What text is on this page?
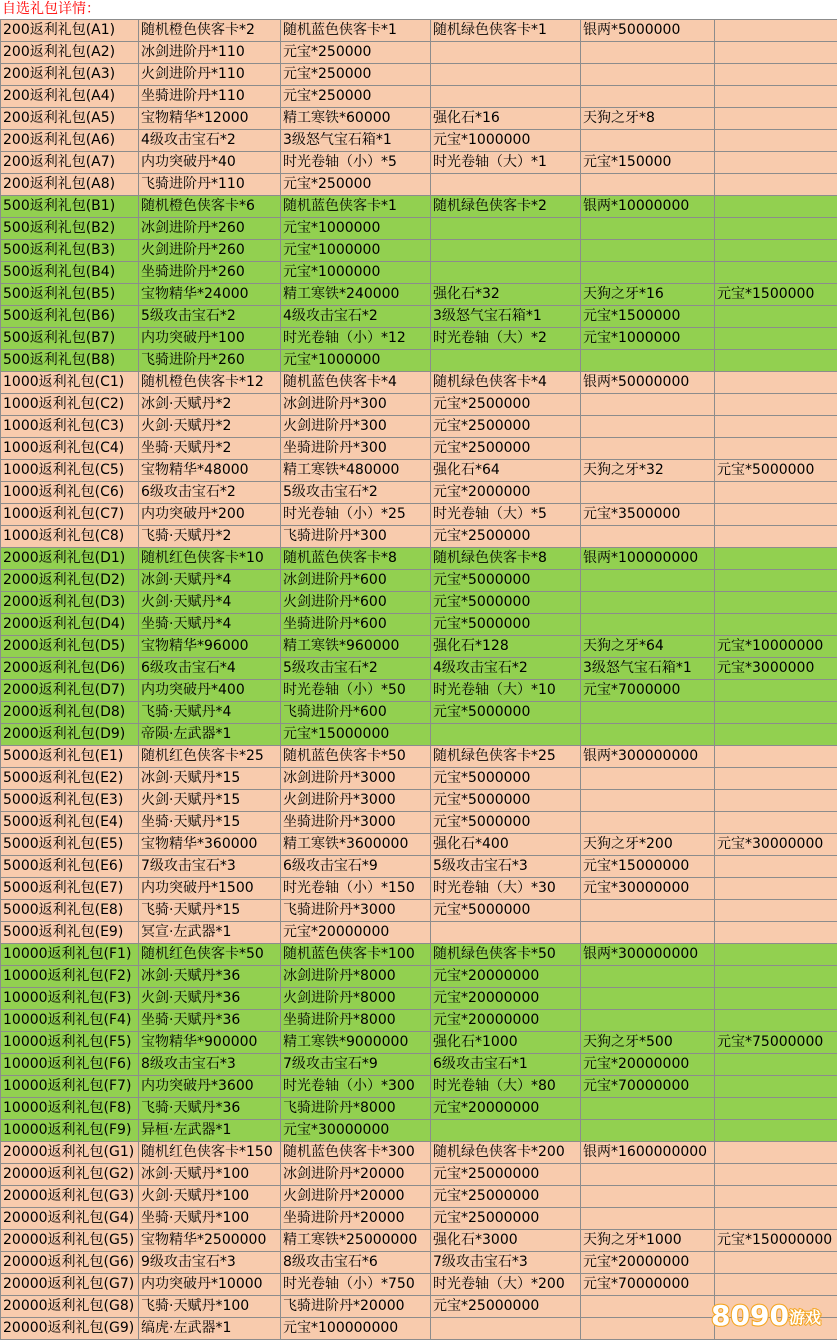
自选礼包详情：
200返利礼包(A1)	随机橙色侠客卡*2	随机蓝色侠客卡*1	随机绿色侠客卡*1	银两*5000000	
200返利礼包(A2)	冰剑进阶丹*110	元宝*250000			
200返利礼包(A3)	火剑进阶丹*110	元宝*250000			
200返利礼包(A4)	坐骑进阶丹*110	元宝*250000			
200返利礼包(A5)	宝物精华*12000	精工寒铁*60000	强化石*16	天狗之牙*8	
200返利礼包(A6)	4级攻击宝石*2	3级怒气宝石箱*1	元宝*1000000		
200返利礼包(A7)	内功突破丹*40	时光卷轴（小）*5	时光卷轴（大）*1	元宝*150000	
200返利礼包(A8)	飞骑进阶丹*110	元宝*250000			
500返利礼包(B1)	随机橙色侠客卡*6	随机蓝色侠客卡*1	随机绿色侠客卡*2	银两*10000000	
500返利礼包(B2)	冰剑进阶丹*260	元宝*1000000			
500返利礼包(B3)	火剑进阶丹*260	元宝*1000000			
500返利礼包(B4)	坐骑进阶丹*260	元宝*1000000			
500返利礼包(B5)	宝物精华*24000	精工寒铁*240000	强化石*32	天狗之牙*16	元宝*1500000
500返利礼包(B6)	5级攻击宝石*2	4级攻击宝石*2	3级怒气宝石箱*1	元宝*1500000	
500返利礼包(B7)	内功突破丹*100	时光卷轴（小）*12	时光卷轴（大）*2	元宝*1000000	
500返利礼包(B8)	飞骑进阶丹*260	元宝*1000000			
1000返利礼包(C1)	随机橙色侠客卡*12	随机蓝色侠客卡*4	随机绿色侠客卡*4	银两*50000000	
1000返利礼包(C2)	冰剑·天赋丹*2	冰剑进阶丹*300	元宝*2500000		
1000返利礼包(C3)	火剑·天赋丹*2	火剑进阶丹*300	元宝*2500000		
1000返利礼包(C4)	坐骑·天赋丹*2	坐骑进阶丹*300	元宝*2500000		
1000返利礼包(C5)	宝物精华*48000	精工寒铁*480000	强化石*64	天狗之牙*32	元宝*5000000
1000返利礼包(C6)	6级攻击宝石*2	5级攻击宝石*2	元宝*2000000		
1000返利礼包(C7)	内功突破丹*200	时光卷轴（小）*25	时光卷轴（大）*5	元宝*3500000	
1000返利礼包(C8)	飞骑·天赋丹*2	飞骑进阶丹*300	元宝*2500000		
2000返利礼包(D1)	随机红色侠客卡*10	随机蓝色侠客卡*8	随机绿色侠客卡*8	银两*100000000	
2000返利礼包(D2)	冰剑·天赋丹*4	冰剑进阶丹*600	元宝*5000000		
2000返利礼包(D3)	火剑·天赋丹*4	火剑进阶丹*600	元宝*5000000		
2000返利礼包(D4)	坐骑·天赋丹*4	坐骑进阶丹*600	元宝*5000000		
2000返利礼包(D5)	宝物精华*96000	精工寒铁*960000	强化石*128	天狗之牙*64	元宝*10000000
2000返利礼包(D6)	6级攻击宝石*4	5级攻击宝石*2	4级攻击宝石*2	3级怒气宝石箱*1	元宝*3000000
2000返利礼包(D7)	内功突破丹*400	时光卷轴（小）*50	时光卷轴（大）*10	元宝*7000000	
2000返利礼包(D8)	飞骑·天赋丹*4	飞骑进阶丹*600	元宝*5000000		
2000返利礼包(D9)	帝陨·左武器*1	元宝*15000000			
5000返利礼包(E1)	随机红色侠客卡*25	随机蓝色侠客卡*50	随机绿色侠客卡*25	银两*300000000	
5000返利礼包(E2)	冰剑·天赋丹*15	冰剑进阶丹*3000	元宝*5000000		
5000返利礼包(E3)	火剑·天赋丹*15	火剑进阶丹*3000	元宝*5000000		
5000返利礼包(E4)	坐骑·天赋丹*15	坐骑进阶丹*3000	元宝*5000000		
5000返利礼包(E5)	宝物精华*360000	精工寒铁*3600000	强化石*400	天狗之牙*200	元宝*30000000
5000返利礼包(E6)	7级攻击宝石*3	6级攻击宝石*9	5级攻击宝石*3	元宝*15000000	
5000返利礼包(E7)	内功突破丹*1500	时光卷轴（小）*150	时光卷轴（大）*30	元宝*30000000	
5000返利礼包(E8)	飞骑·天赋丹*15	飞骑进阶丹*3000	元宝*5000000		
5000返利礼包(E9)	冥宣·左武器*1	元宝*20000000			
10000返利礼包(F1)	随机红色侠客卡*50	随机蓝色侠客卡*100	随机绿色侠客卡*50	银两*300000000	
10000返利礼包(F2)	冰剑·天赋丹*36	冰剑进阶丹*8000	元宝*20000000		
10000返利礼包(F3)	火剑·天赋丹*36	火剑进阶丹*8000	元宝*20000000		
10000返利礼包(F4)	坐骑·天赋丹*36	坐骑进阶丹*8000	元宝*20000000		
10000返利礼包(F5)	宝物精华*900000	精工寒铁*9000000	强化石*1000	天狗之牙*500	元宝*75000000
10000返利礼包(F6)	8级攻击宝石*3	7级攻击宝石*9	6级攻击宝石*1	元宝*20000000	
10000返利礼包(F7)	内功突破丹*3600	时光卷轴（小）*300	时光卷轴（大）*80	元宝*70000000	
10000返利礼包(F8)	飞骑·天赋丹*36	飞骑进阶丹*8000	元宝*20000000		
10000返利礼包(F9)	异桓·左武器*1	元宝*30000000			
20000返利礼包(G1)	随机红色侠客卡*150	随机蓝色侠客卡*300	随机绿色侠客卡*200	银两*1600000000	
20000返利礼包(G2)	冰剑·天赋丹*100	冰剑进阶丹*20000	元宝*25000000		
20000返利礼包(G3)	火剑·天赋丹*100	火剑进阶丹*20000	元宝*25000000		
20000返利礼包(G4)	坐骑·天赋丹*100	坐骑进阶丹*20000	元宝*25000000		
20000返利礼包(G5)	宝物精华*2500000	精工寒铁*25000000	强化石*3000	天狗之牙*1000	元宝*150000000
20000返利礼包(G6)	9级攻击宝石*3	8级攻击宝石*6	7级攻击宝石*3	元宝*20000000	
20000返利礼包(G7)	内功突破丹*10000	时光卷轴（小）*750	时光卷轴（大）*200	元宝*70000000	
20000返利礼包(G8)	飞骑·天赋丹*100	飞骑进阶丹*20000	元宝*25000000		
20000返利礼包(G9)	缟虎·左武器*1	元宝*100000000				8090 游戏
